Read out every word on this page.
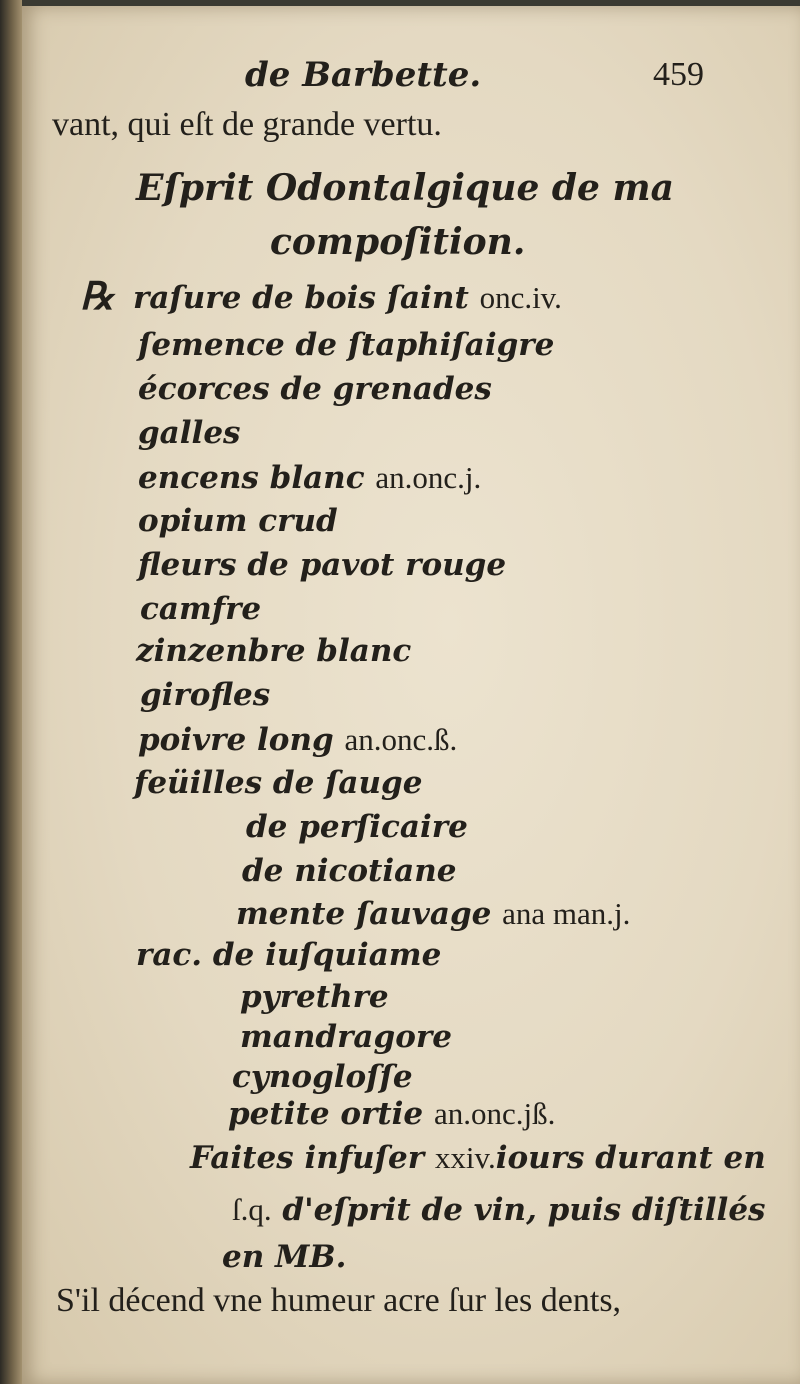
de Barbette.	459
vant, qui eſt de grande vertu.
Eſprit Odontalgique de ma
compoſition.
℞ raſure de bois ſaint onc.iv.
ſemence de ſtaphiſaigre
écorces de grenades
galles
encens blanc an.onc.j.
opium crud
fleurs de pavot rouge
camfre
zinzenbre blanc
girofles
poivre long an.onc.ß.
feüilles de ſauge
de perſicaire
de nicotiane
mente ſauvage ana man.j.
rac. de iuſquiame
pyrethre
mandragore
cynogloſſe
petite ortie an.onc.jß.
Faites infuſer xxiv.iours durant en
ſ.q. d'eſprit de vin, puis diſtillés
en MB.
S'il décend vne humeur acre ſur les dents,
